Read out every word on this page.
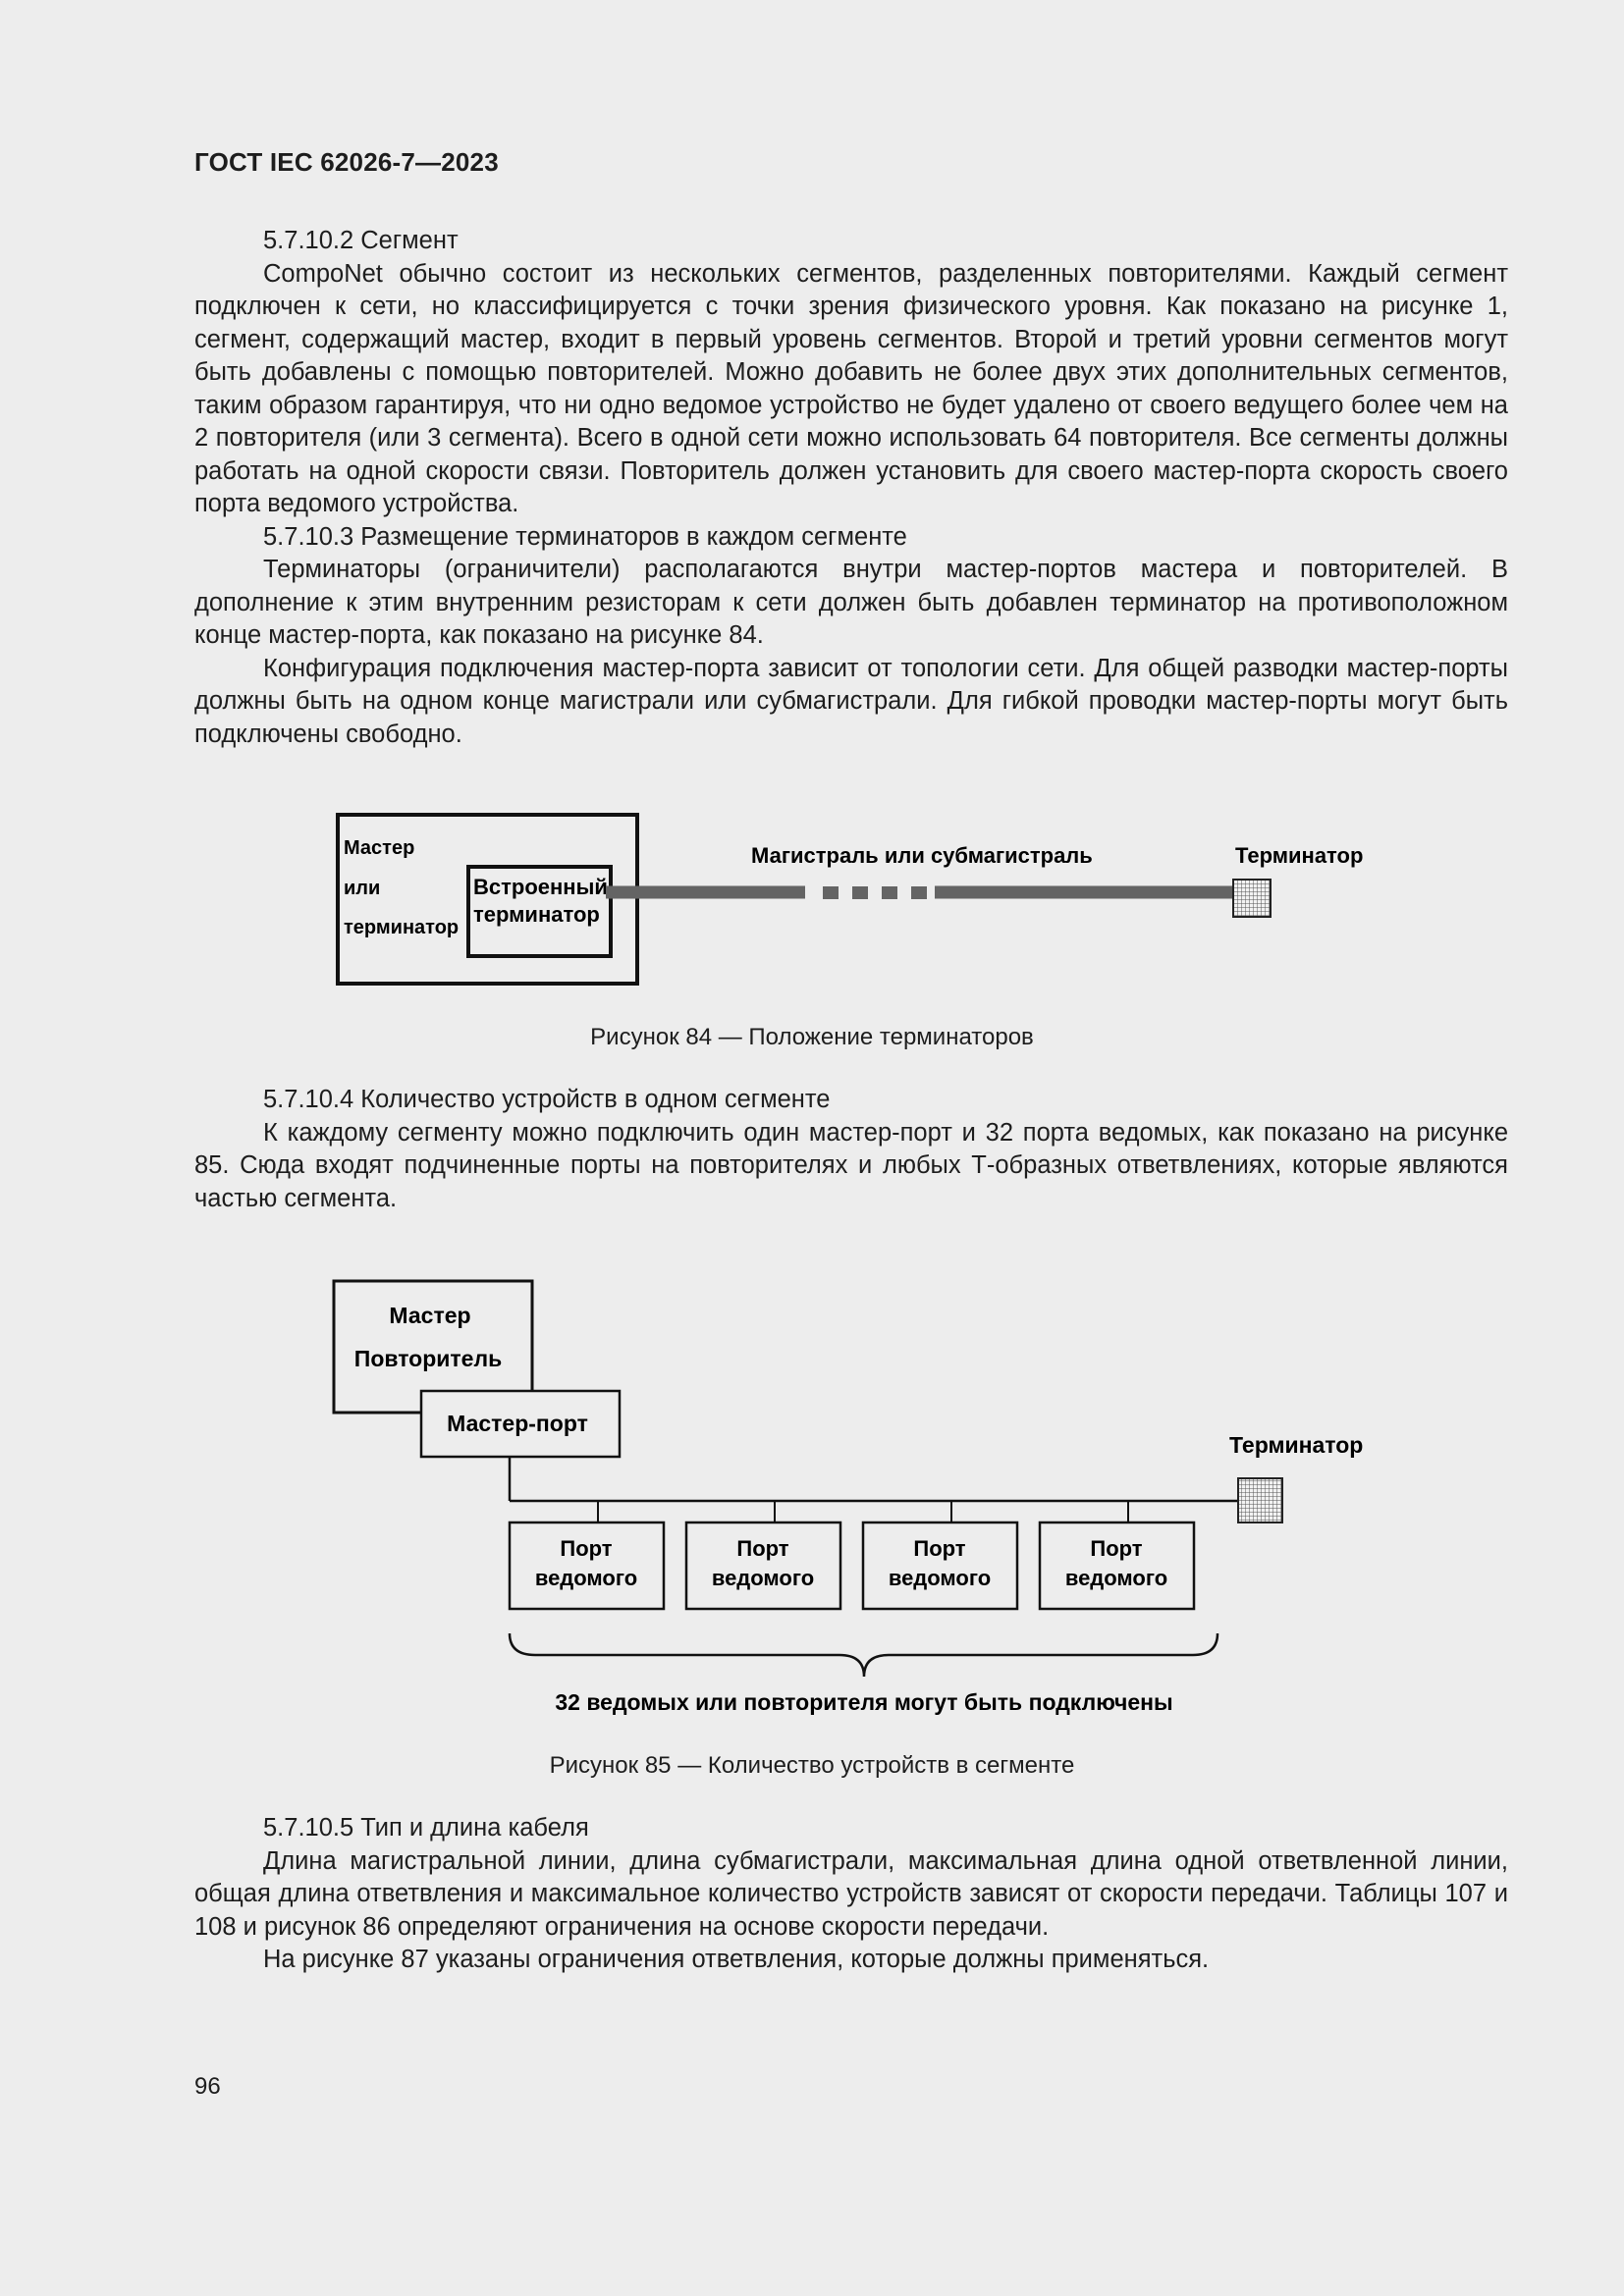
ГОСТ IEC 62026-7—2023

5.7.10.2 Сегмент

CompoNet обычно состоит из нескольких сегментов, разделенных повторителями. Каждый сегмент подключен к сети, но классифицируется с точки зрения физического уровня. Как показано на рисунке 1, сегмент, содержащий мастер, входит в первый уровень сегментов. Второй и третий уровни сегментов могут быть добавлены с помощью повторителей. Можно добавить не более двух этих дополнительных сегментов, таким образом гарантируя, что ни одно ведомое устройство не будет удалено от своего ведущего более чем на 2 повторителя (или 3 сегмента). Всего в одной сети можно использовать 64 повторителя. Все сегменты должны работать на одной скорости связи. Повторитель должен установить для своего мастер-порта скорость своего порта ведомого устройства.

5.7.10.3 Размещение терминаторов в каждом сегменте

Терминаторы (ограничители) располагаются внутри мастер-портов мастера и повторителей. В дополнение к этим внутренним резисторам к сети должен быть добавлен терминатор на противоположном конце мастер-порта, как показано на рисунке 84.

Конфигурация подключения мастер-порта зависит от топологии сети. Для общей разводки мастер-порты должны быть на одном конце магистрали или субмагистрали. Для гибкой проводки мастер-порты могут быть подключены свободно.

Мастер
или
терминатор
Встроенный
терминатор
Магистраль или субмагистраль	Терминатор
Рисунок 84 — Положение терминаторов

5.7.10.4 Количество устройств в одном сегменте

К каждому сегменту можно подключить один мастер-порт и 32 порта ведомых, как показано на рисунке 85. Сюда входят подчиненные порты на повторителях и любых Т-образных ответвлениях, которые являются частью сегмента.

Мастер
Повторитель
Мастер-порт
Порт
ведомого
Порт
ведомого
Порт
ведомого
Порт
ведомого
Терминатор
32 ведомых или повторителя могут быть подключены
Рисунок 85 — Количество устройств в сегменте

5.7.10.5 Тип и длина кабеля

Длина магистральной линии, длина субмагистрали, максимальная длина одной ответвленной линии, общая длина ответвления и максимальное количество устройств зависят от скорости передачи. Таблицы 107 и 108 и рисунок 86 определяют ограничения на основе скорости передачи.

На рисунке 87 указаны ограничения ответвления, которые должны применяться.

96
